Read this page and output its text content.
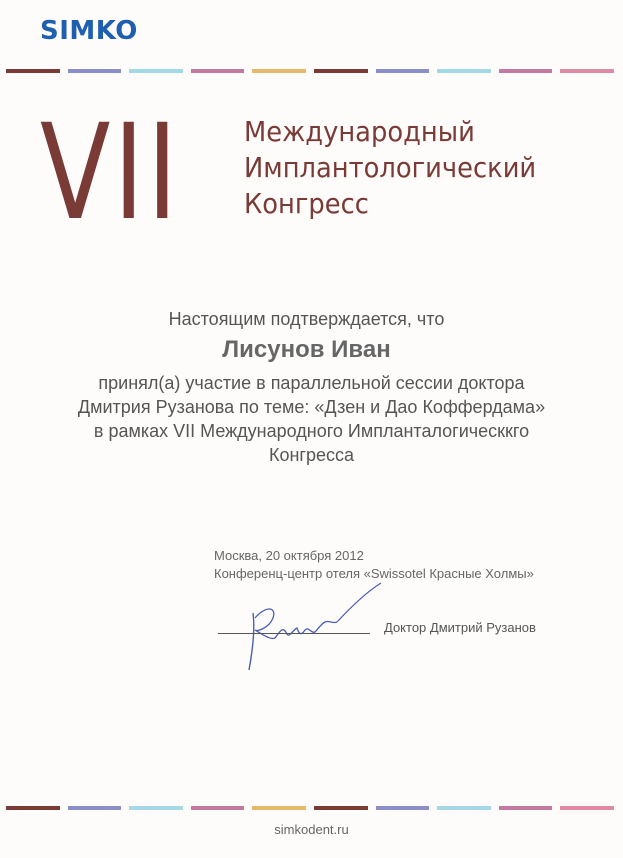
SIMKO
VII Международный
Имплантологический
Конгресс
Настоящим подтверждается, что
Лисунов Иван
принял(а) участие в параллельной сессии доктора
Дмитрия Рузанова по теме: «Дзен и Дао Коффердама»
в рамках VII Международного Импланталогическкго
Конгресса
Москва, 20 октября 2012
Конференц-центр отеля «Swissotel Красные Холмы»
Доктор Дмитрий Рузанов
simkodent.ru
